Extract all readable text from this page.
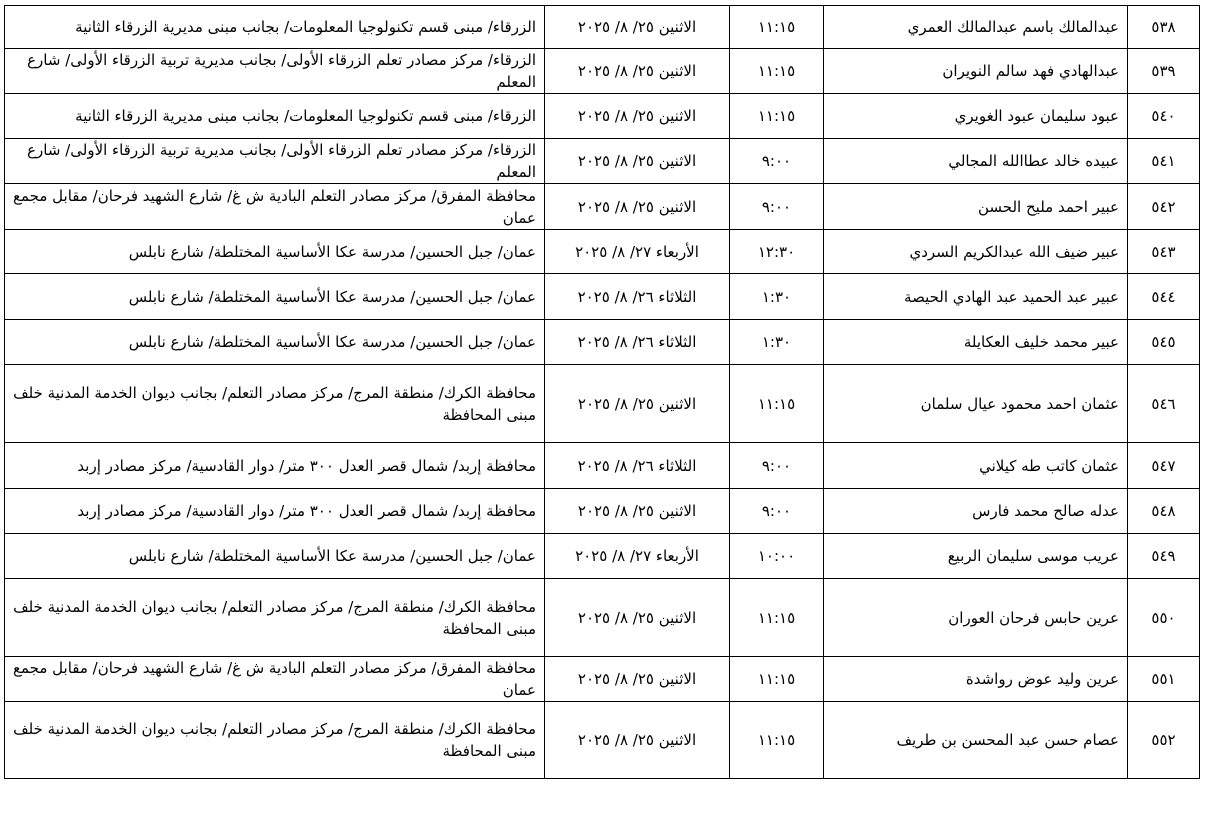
٥٣٨	عبدالمالك باسم عبدالمالك العمري	١١:١٥	الاثنين ٢٥/ ٨/ ٢٠٢٥	الزرقاء/ مبنى قسم تكنولوجيا المعلومات/ بجانب مبنى مديرية الزرقاء الثانية
٥٣٩	عبدالهادي فهد سالم النويران	١١:١٥	الاثنين ٢٥/ ٨/ ٢٠٢٥	الزرقاء/ مركز مصادر تعلم الزرقاء الأولى/ بجانب مديرية تربية الزرقاء الأولى/ شارع المعلم
٥٤٠	عبود سليمان عبود الغويري	١١:١٥	الاثنين ٢٥/ ٨/ ٢٠٢٥	الزرقاء/ مبنى قسم تكنولوجيا المعلومات/ بجانب مبنى مديرية الزرقاء الثانية
٥٤١	عبيده خالد عطاالله المجالي	٩:٠٠	الاثنين ٢٥/ ٨/ ٢٠٢٥	الزرقاء/ مركز مصادر تعلم الزرقاء الأولى/ بجانب مديرية تربية الزرقاء الأولى/ شارع المعلم
٥٤٢	عبير احمد مليح الحسن	٩:٠٠	الاثنين ٢٥/ ٨/ ٢٠٢٥	محافظة المفرق/ مركز مصادر التعلم البادية ش غ/ شارع الشهيد فرحان/ مقابل مجمع عمان
٥٤٣	عبير ضيف الله عبدالكريم السردي	١٢:٣٠	الأربعاء ٢٧/ ٨/ ٢٠٢٥	عمان/ جبل الحسين/ مدرسة عكا الأساسية المختلطة/ شارع نابلس
٥٤٤	عبير عبد الحميد عبد الهادي الحيصة	١:٣٠	الثلاثاء ٢٦/ ٨/ ٢٠٢٥	عمان/ جبل الحسين/ مدرسة عكا الأساسية المختلطة/ شارع نابلس
٥٤٥	عبير محمد خليف العكايلة	١:٣٠	الثلاثاء ٢٦/ ٨/ ٢٠٢٥	عمان/ جبل الحسين/ مدرسة عكا الأساسية المختلطة/ شارع نابلس
٥٤٦	عثمان احمد محمود عيال سلمان	١١:١٥	الاثنين ٢٥/ ٨/ ٢٠٢٥	محافظة الكرك/ منطقة المرج/ مركز مصادر التعلم/ بجانب ديوان الخدمة المدنية خلف مبنى المحافظة
٥٤٧	عثمان كاتب طه كيلاني	٩:٠٠	الثلاثاء ٢٦/ ٨/ ٢٠٢٥	محافظة إربد/ شمال قصر العدل ٣٠٠ متر/ دوار القادسية/ مركز مصادر إربد
٥٤٨	عدله صالح محمد فارس	٩:٠٠	الاثنين ٢٥/ ٨/ ٢٠٢٥	محافظة إربد/ شمال قصر العدل ٣٠٠ متر/ دوار القادسية/ مركز مصادر إربد
٥٤٩	عريب موسى سليمان الربيع	١٠:٠٠	الأربعاء ٢٧/ ٨/ ٢٠٢٥	عمان/ جبل الحسين/ مدرسة عكا الأساسية المختلطة/ شارع نابلس
٥٥٠	عرين حابس فرحان العوران	١١:١٥	الاثنين ٢٥/ ٨/ ٢٠٢٥	محافظة الكرك/ منطقة المرج/ مركز مصادر التعلم/ بجانب ديوان الخدمة المدنية خلف مبنى المحافظة
٥٥١	عرين وليد عوض رواشدة	١١:١٥	الاثنين ٢٥/ ٨/ ٢٠٢٥	محافظة المفرق/ مركز مصادر التعلم البادية ش غ/ شارع الشهيد فرحان/ مقابل مجمع عمان
٥٥٢	عصام حسن عبد المحسن بن طريف	١١:١٥	الاثنين ٢٥/ ٨/ ٢٠٢٥	محافظة الكرك/ منطقة المرج/ مركز مصادر التعلم/ بجانب ديوان الخدمة المدنية خلف مبنى المحافظة
